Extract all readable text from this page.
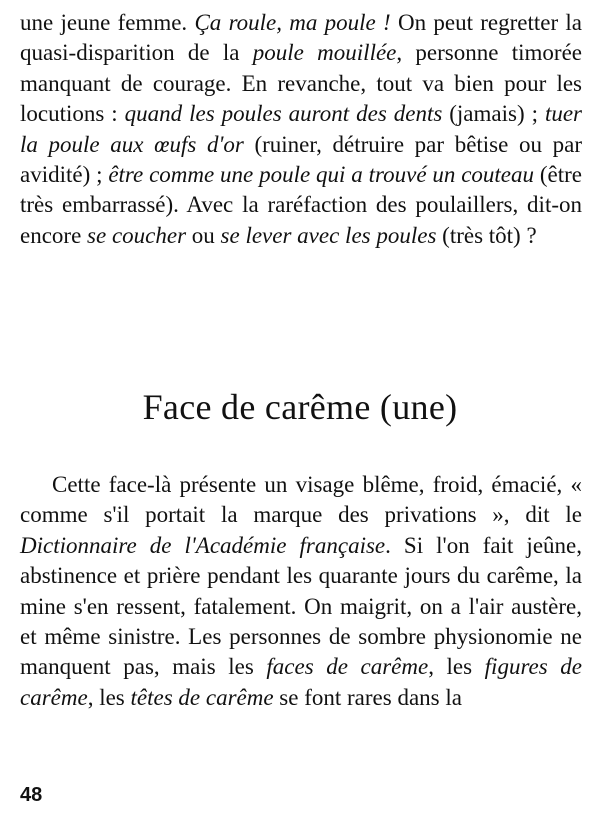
une jeune femme. Ça roule, ma poule ! On peut regretter la quasi-disparition de la poule mouillée, personne timorée manquant de courage. En revanche, tout va bien pour les locutions : quand les poules auront des dents (jamais) ; tuer la poule aux œufs d'or (ruiner, détruire par bêtise ou par avidité) ; être comme une poule qui a trouvé un couteau (être très embarrassé). Avec la raréfaction des poulaillers, dit-on encore se coucher ou se lever avec les poules (très tôt) ?

Face de carême (une)

Cette face-là présente un visage blême, froid, émacié, « comme s'il portait la marque des privations », dit le Dictionnaire de l'Académie française. Si l'on fait jeûne, abstinence et prière pendant les quarante jours du carême, la mine s'en ressent, fatalement. On maigrit, on a l'air austère, et même sinistre. Les personnes de sombre physionomie ne manquent pas, mais les faces de carême, les figures de carême, les têtes de carême se font rares dans la

48
